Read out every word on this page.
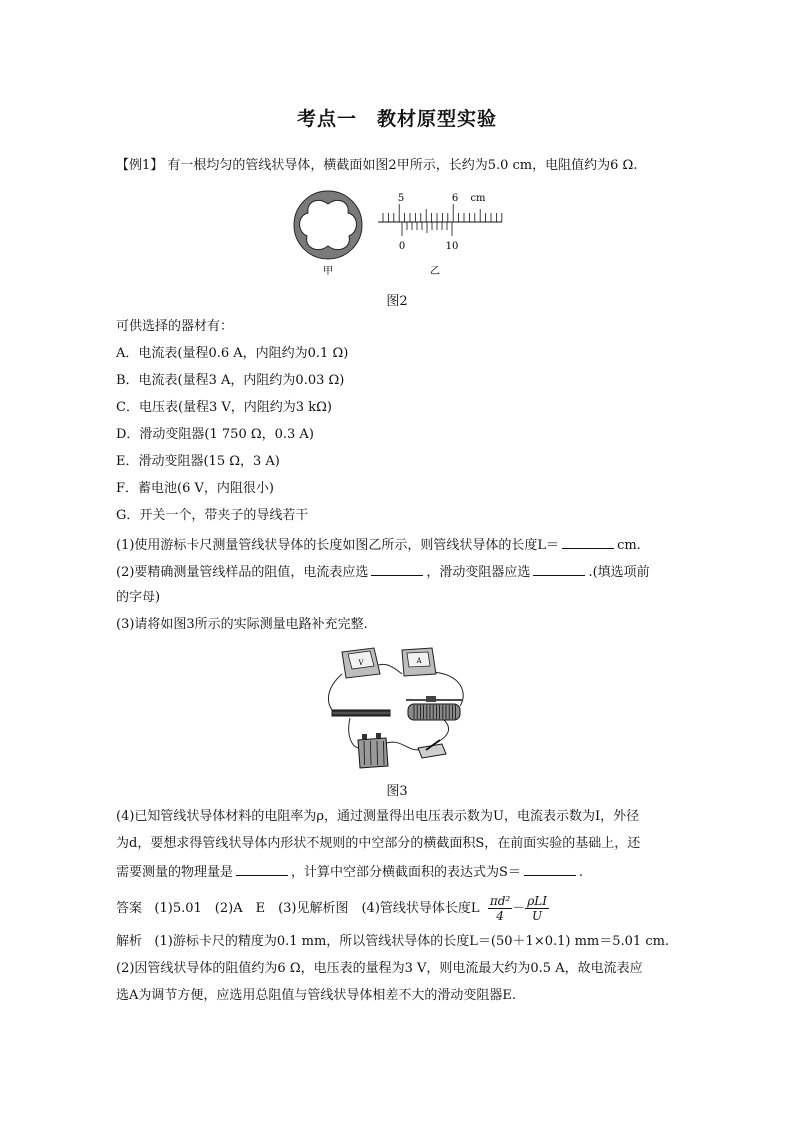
考点一　教材原型实验
【例1】 有一根均匀的管线状导体，横截面如图2甲所示，长约为5.0 cm，电阻值约为6 Ω.
5	6 cm
0	10
甲	乙
图2
可供选择的器材有：
A．电流表(量程0.6 A，内阻约为0.1 Ω)
B．电流表(量程3 A，内阻约为0.03 Ω)
C．电压表(量程3 V，内阻约为3 kΩ)
D．滑动变阻器(1 750 Ω，0.3 A)
E．滑动变阻器(15 Ω，3 A)
F．蓄电池(6 V，内阻很小)
G．开关一个，带夹子的导线若干
(1)使用游标卡尺测量管线状导体的长度如图乙所示，则管线状导体的长度L＝	cm.
(2)要精确测量管线样品的阻值，电流表应选	，滑动变阻器应选	.(填选项前
的字母)
(3)请将如图3所示的实际测量电路补充完整.
V	A
图3
(4)已知管线状导体材料的电阻率为ρ，通过测量得出电压表示数为U，电流表示数为I，外径
为d，要想求得管线状导体内形状不规则的中空部分的横截面积S，在前面实验的基础上，还
需要测量的物理量是	，计算中空部分横截面积的表达式为S＝	.
答案 (1)5.01　(2)A　E　(3)见解析图　(4)管线状导体长度L $\frac{\text{πd²}}{4} - \frac{\text{ρLI}}{U}$
解析 (1)游标卡尺的精度为0.1 mm，所以管线状导体的长度L＝(50＋1×0.1) mm＝5.01 cm.
(2)因管线状导体的阻值约为6 Ω，电压表的量程为3 V，则电流最大约为0.5 A，故电流表应
选A为调节方便，应选用总阻值与管线状导体相差不大的滑动变阻器E.
